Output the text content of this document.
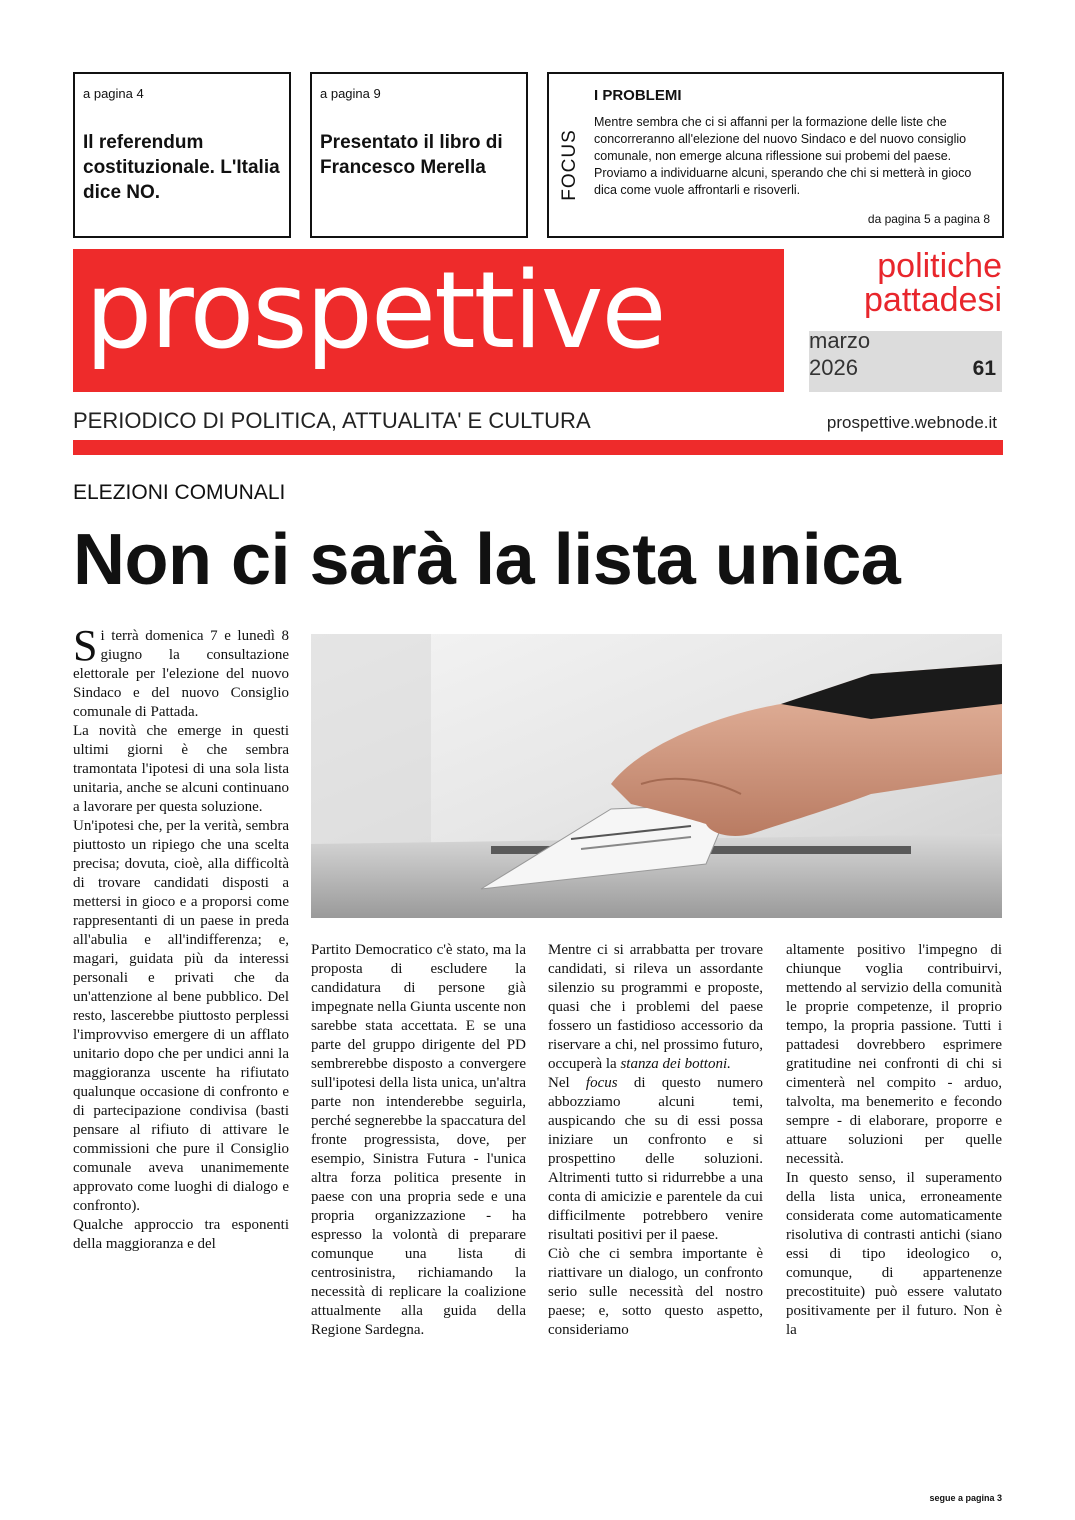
a pagina 4
Il referendum costituzionale. L'Italia dice NO.
a pagina 9
Presentato il libro di Francesco Merella	FOCUS
I PROBLEMI
Mentre sembra che ci si affanni per la formazione delle liste che concorreranno all'elezione del nuovo Sindaco e del nuovo consiglio comunale, non emerge alcuna riflessione sui probemi del paese. Proviamo a individuarne alcuni, sperando che chi si metterà in gioco dica come vuole affrontarli e risoverli.
da pagina 5 a pagina 8
prospettive	politiche
pattadesi
marzo
2026	61
PERIODICO DI POLITICA, ATTUALITA' E CULTURA	prospettive.webnode.it
ELEZIONI COMUNALI
Non ci sarà la lista unica

Si terrà domenica 7 e lunedì 8 giugno la consultazione elettorale per l'elezione del nuovo Sindaco e del nuovo Consiglio comunale di Pattada.

La novità che emerge in questi ultimi giorni è che sembra tramontata l'ipotesi di una sola lista unitaria, anche se alcuni continuano a lavorare per questa soluzione.

Un'ipotesi che, per la verità, sembra piuttosto un ripiego che una scelta precisa; dovuta, cioè, alla difficoltà di trovare candidati disposti a mettersi in gioco e a proporsi come rappresentanti di un paese in preda all'abulia e all'indifferenza; e, magari, guidata più da interessi personali e privati che da un'attenzione al bene pubblico. Del resto, lascerebbe piuttosto perplessi l'improvviso emergere di un afflato unitario dopo che per undici anni la maggioranza uscente ha rifiutato qualunque occasione di confronto e di partecipazione condivisa (basti pensare al rifiuto di attivare le commissioni che pure il Consiglio comunale aveva unanimemente approvato come luoghi di dialogo e confronto).

Qualche approccio tra esponenti della maggioranza e del

Partito Democratico c'è stato, ma la proposta di escludere la candidatura di persone già impegnate nella Giunta uscente non sarebbe stata accettata. E se una parte del gruppo dirigente del PD sembrerebbe disposto a convergere sull'ipotesi della lista unica, un'altra parte non intenderebbe seguirla, perché segnerebbe la spaccatura del fronte progressista, dove, per esempio, Sinistra Futura - l'unica altra forza politica presente in paese con una propria sede e una propria organizzazione - ha espresso la volontà di preparare comunque una lista di centrosinistra, richiamando la necessità di replicare la coalizione attualmente alla guida della Regione Sardegna.

Mentre ci si arrabbatta per trovare candidati, si rileva un assordante silenzio su programmi e proposte, quasi che i problemi del paese fossero un fastidioso accessorio da riservare a chi, nel prossimo futuro, occuperà la stanza dei bottoni.

Nel focus di questo numero abbozziamo alcuni temi, auspicando che su di essi possa iniziare un confronto e si prospettino delle soluzioni. Altrimenti tutto si ridurrebbe a una conta di amicizie e parentele da cui difficilmente potrebbero venire risultati positivi per il paese.

Ciò che ci sembra importante è riattivare un dialogo, un confronto serio sulle necessità del nostro paese; e, sotto questo aspetto, consideriamo

altamente positivo l'impegno di chiunque voglia contribuirvi, mettendo al servizio della comunità le proprie competenze, il proprio tempo, la propria passione. Tutti i pattadesi dovrebbero esprimere gratitudine nei confronti di chi si cimenterà nel compito - arduo, talvolta, ma benemerito e fecondo sempre - di elaborare, proporre e attuare soluzioni per quelle necessità.

In questo senso, il superamento della lista unica, erroneamente considerata come automaticamente risolutiva di contrasti antichi (siano essi di tipo ideologico o, comunque, di appartenenze precostituite) può essere valutato positivamente per il futuro. Non è la

segue a pagina 3
